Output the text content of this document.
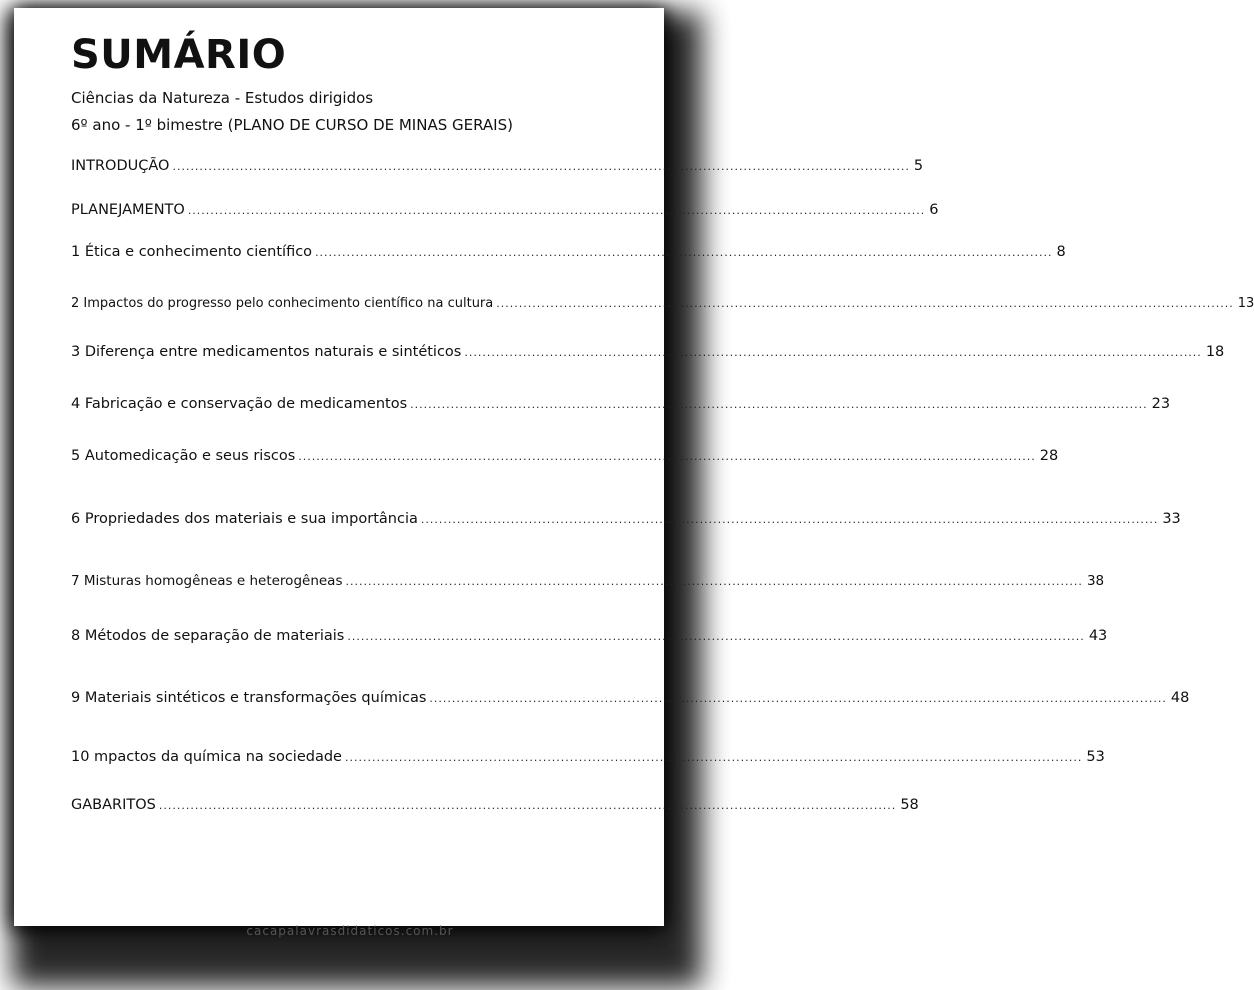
SUMÁRIO
Ciências da Natureza - Estudos dirigidos
6º ano - 1º bimestre (PLANO DE CURSO DE MINAS GERAIS)
INTRODUÇÃO .................................................................................................................................................................... 5
PLANEJAMENTO .................................................................................................................................................................... 6
1 Ética e conhecimento científico .................................................................................................................................................................... 8
2 Impactos do progresso pelo conhecimento científico na cultura .................................................................................................................................................................... 13
3 Diferença entre medicamentos naturais e sintéticos .................................................................................................................................................................... 18
4 Fabricação e conservação de medicamentos .................................................................................................................................................................... 23
5 Automedicação e seus riscos .................................................................................................................................................................... 28
6 Propriedades dos materiais e sua importância .................................................................................................................................................................... 33
7 Misturas homogêneas e heterogêneas .................................................................................................................................................................... 38
8 Métodos de separação de materiais .................................................................................................................................................................... 43
9 Materiais sintéticos e transformações químicas .................................................................................................................................................................... 48
10 mpactos da química na sociedade .................................................................................................................................................................... 53
GABARITOS .................................................................................................................................................................... 58
cacapalavrasdidaticos.com.br
